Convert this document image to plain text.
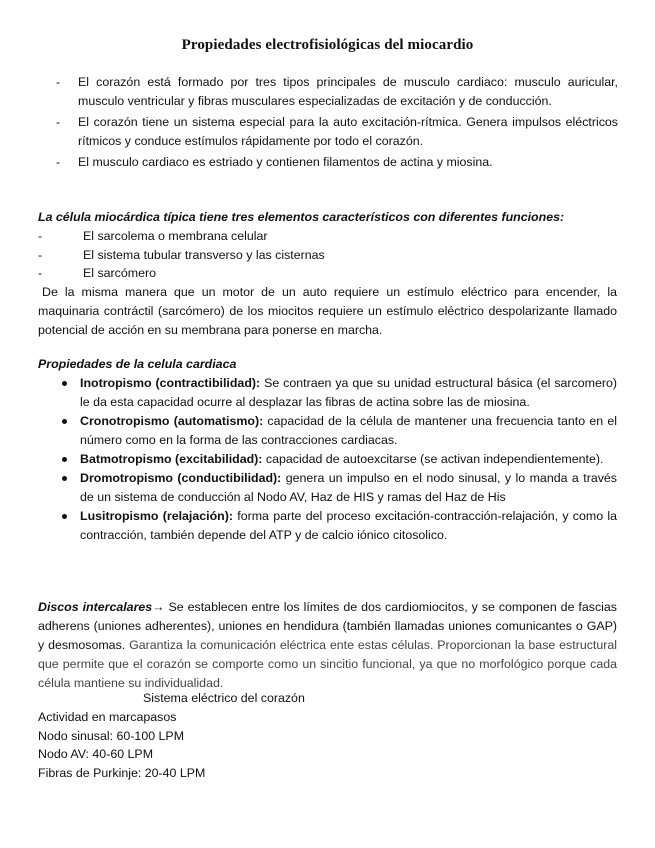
Propiedades electrofisiológicas del miocardio
- El corazón está formado por tres tipos principales de musculo cardiaco: musculo auricular, musculo ventricular y fibras musculares especializadas de excitación y de conducción.
- El corazón tiene un sistema especial para la auto excitación-rítmica. Genera impulsos eléctricos rítmicos y conduce estímulos rápidamente por todo el corazón.
- El musculo cardiaco es estriado y contienen filamentos de actina y miosina.
La célula miocárdica típica tiene tres elementos característicos con diferentes funciones:
- El sarcolema o membrana celular
- El sistema tubular transverso y las cisternas
- El sarcómero
De la misma manera que un motor de un auto requiere un estímulo eléctrico para encender, la maquinaria contráctil (sarcómero) de los miocitos requiere un estímulo eléctrico despolarizante llamado potencial de acción en su membrana para ponerse en marcha.
Propiedades de la celula cardiaca
Inotropismo (contractibilidad): Se contraen ya que su unidad estructural básica (el sarcomero) le da esta capacidad ocurre al desplazar las fibras de actina sobre las de miosina.
Cronotropismo (automatismo): capacidad de la célula de mantener una frecuencia tanto en el número como en la forma de las contracciones cardiacas.
Batmotropismo (excitabilidad): capacidad de autoexcitarse (se activan independientemente).
Dromotropismo (conductibilidad): genera un impulso en el nodo sinusal, y lo manda a través de un sistema de conducción al Nodo AV, Haz de HIS y ramas del Haz de His
Lusitropismo (relajación): forma parte del proceso excitación-contracción-relajación, y como la contracción, también depende del ATP y de calcio iónico citosolico.
Discos intercalares→ Se establecen entre los límites de dos cardiomiocitos, y se componen de fascias adherens (uniones adherentes), uniones en hendidura (también llamadas uniones comunicantes o GAP) y desmosomas. Garantiza la comunicación eléctrica ente estas células. Proporcionan la base estructural que permite que el corazón se comporte como un sincitio funcional, ya que no morfológico porque cada célula mantiene su individualidad.
Sistema eléctrico del corazón
Actividad en marcapasos
Nodo sinusal: 60-100 LPM
Nodo AV: 40-60 LPM
Fibras de Purkinje: 20-40 LPM
